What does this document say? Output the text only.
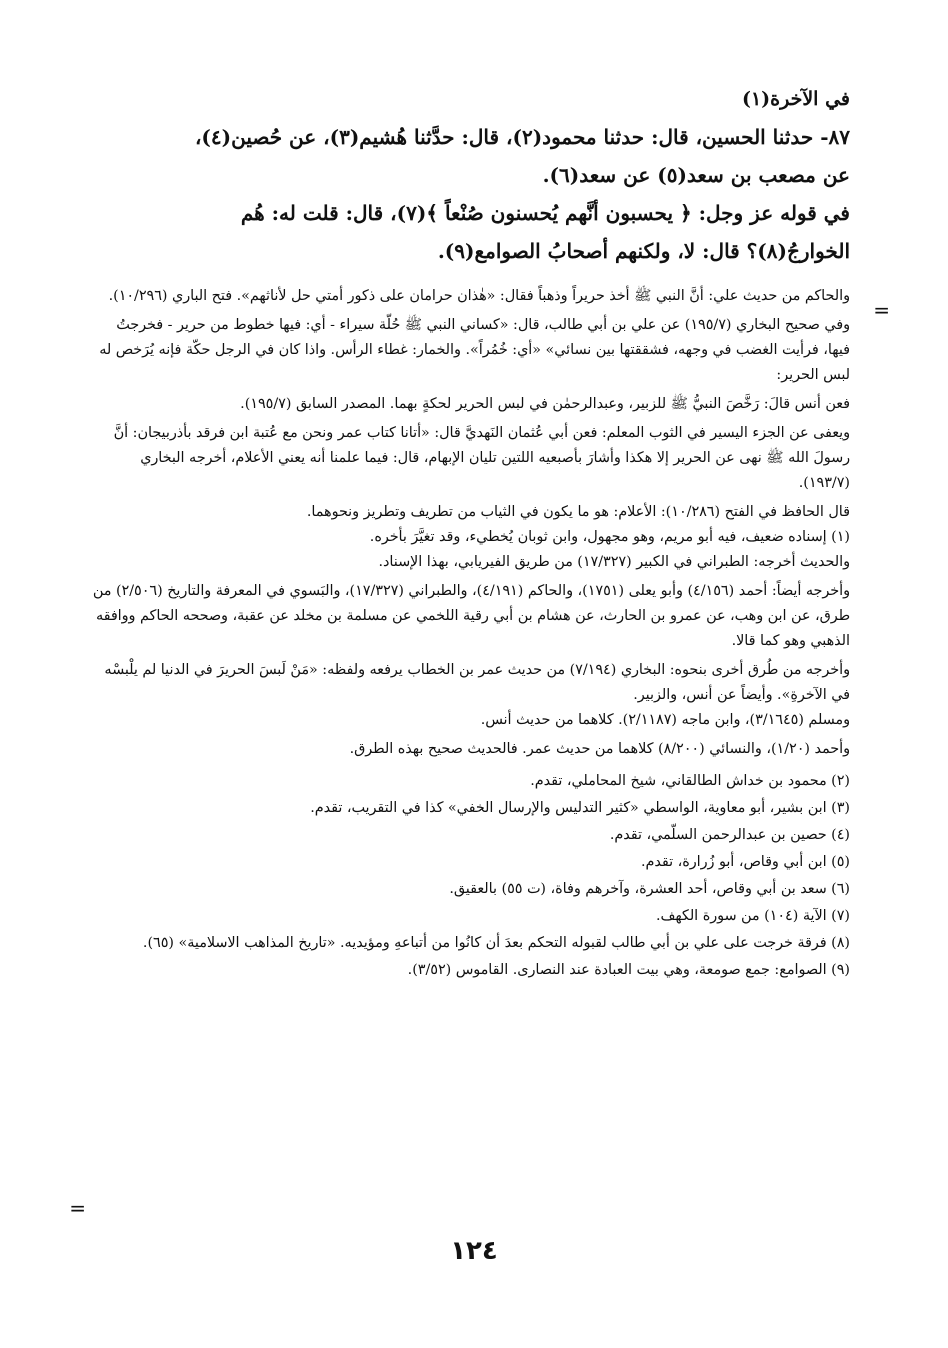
=
=

في الآخرة(١)

٨٧- حدثنا الحسين، قال: حدثنا محمود(٢)، قال: حدَّثنا هُشيم(٣)، عن حُصين(٤)،

عن مصعب بن سعد(٥) عن سعد(٦).

في قوله عز وجل: ﴿ يحسبون أنَّهم يُحسنون صُنْعاً ﴾(٧)، قال: قلت له: هُم

الخوارجُ(٨)؟ قال: لا، ولكنهم أصحابُ الصوامع(٩).

والحاكم من حديث علي: أنَّ النبي ﷺ أخذ حريراً وذهباً فقال: «هٰذان حرامان على ذكور أمتي حل لأناثهم». فتح الباري (١٠/٢٩٦).

وفي صحيح البخاري (١٩٥/٧) عن علي بن أبي طالب، قال: «كساني النبي ﷺ حُلّة سيراء - أي: فيها خطوط من حرير - فخرجتُ فيها، فرأيت الغضب في وجهه، فشققتها بين نسائي» «أي: خُمُراً». والخمار: غطاء الرأس. واذا كان في الرجل حكّة فإنه يُرَخص له لبس الحرير:

فعن أنس قالَ: رَخَّصَ النبيُّ ﷺ للزبير، وعبدالرحمٰن في لبس الحرير لحكةٍ بهما. المصدر السابق (١٩٥/٧).

ويعفى عن الجزء اليسير في الثوب المعلم: فعن أبي عُثمان النَهديَّ قال: «أتانا كتاب عمر ونحن مع عُتبة ابن فرقد بأذربيجان: أنَّ رسولَ الله ﷺ نهى عن الحرير إلا هكذا وأشارَ بأصبعيه اللتين تليان الإبهام، قال: فيما علمنا أنه يعني الأعلام، أخرجه البخاري (١٩٣/٧).

قال الحافظ في الفتح (١٠/٢٨٦): الأعلام: هو ما يكون في الثياب من تطريف وتطريز ونحوهما.

(١) إسناده ضعيف، فيه أبو مريم، وهو مجهول، وابن ثوبان يُخطيء، وقد تغيَّرَ بأخره.

والحديث أخرجه: الطبراني في الكبير (١٧/٣٢٧) من طريق الفيريابي، بهذا الإسناد.

وأخرجه أيضاً: أحمد (٤/١٥٦) وأبو يعلى (١٧٥١)، والحاكم (٤/١٩١)، والطبراني (١٧/٣٢٧)، والبَسوي في المعرفة والتاريخ (٢/٥٠٦) من طرق، عن ابن وهب، عن عمرو بن الحارث، عن هشام بن أبي رقية اللخمي عن مسلمة بن مخلد عن عقبة، وصححه الحاكم ووافقه الذهبي وهو كما قالا.

وأخرجه من طُرق أخرى بنحوه: البخاري (٧/١٩٤) من حديث عمر بن الخطاب يرفعه ولفظه: «مَنْ لَبسَ الحريرَ في الدنيا لم يلْبسْه في الآخرةِ». وأيضاً عن أنس، والزبير.

ومسلم (٣/١٦٤٥)، وابن ماجه (٢/١١٨٧). كلاهما من حديث أنس.

وأحمد (١/٢٠)، والنسائي (٨/٢٠٠) كلاهما من حديث عمر. فالحديث صحيح بهذه الطرق.

(٢) محمود بن خداش الطالقاني، شيخ المحاملي، تقدم.

(٣) ابن بشير، أبو معاوية، الواسطي «كثير التدليس والإرسال الخفي» كذا في التقريب، تقدم.

(٤) حصين بن عبدالرحمن السلّمي، تقدم.

(٥) ابن أبي وقاص، أبو زُرارة، تقدم.

(٦) سعد بن أبي وقاص، أحد العشرة، وآخرهم وفاة، (ت ٥٥) بالعقيق.

(٧) الآية (١٠٤) من سورة الكهف.

(٨) فرقة خرجت على علي بن أبي طالب لقبوله التحكم بعدَ أن كانُوا من أتباعهِ ومؤيديه. «تاريخ المذاهب الاسلامية» (٦٥).

(٩) الصوامع: جمع صومعة، وهي بيت العبادة عند النصارى. القاموس (٣/٥٢).

١٢٤
